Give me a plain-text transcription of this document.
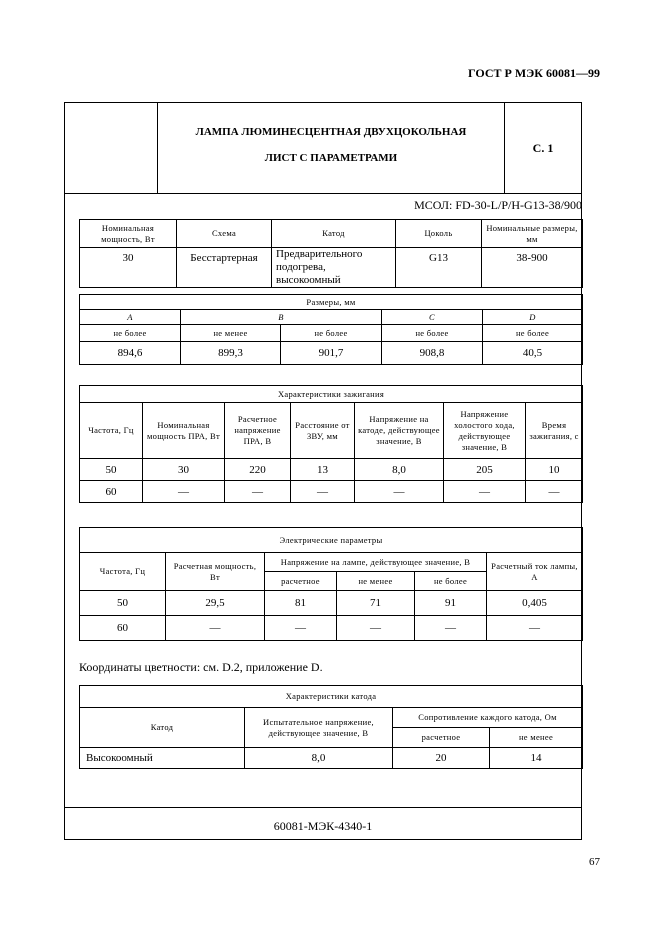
ГОСТ Р МЭК 60081—99
ЛАМПА ЛЮМИНЕСЦЕНТНАЯ ДВУХЦОКОЛЬНАЯ
ЛИСТ С ПАРАМЕТРАМИ
С. 1
МСОЛ: FD-30-L/P/H-G13-38/900
Номинальная мощность, Вт	Схема	Катод	Цоколь	Номинальные размеры, мм
30	Бесстартерная	Предварительного подогрева, высокоомный	G13	38-900
Размеры, мм				
A	B		C	D
не более	не менее	не более	не более	не более
894,6	899,3	901,7	908,8	40,5
Характеристики зажигания						
Частота, Гц	Номинальная мощность ПРА, Вт	Расчетное напряжение ПРА, В	Расстояние от ЗВУ, мм	Напряжение на катоде, действующее значение, В	Напряжение холостого хода, действующее значение, В	Время зажигания, с
50	30	220	13	8,0	205	10
60	—	—	—	—	—	—
Электрические параметры					
Частота, Гц	Расчетная мощность, Вт	Напряжение на лампе, действующее значение, В			Расчетный ток лампы, А
		расчетное	не менее	не более	
50	29,5	81	71	91	0,405
60	—	—	—	—	—
Координаты цветности: см. D.2, приложение D.
Характеристики катода			
Катод	Испытательное напряжение, действующее значение, В	Сопротивление каждого катода, Ом	
		расчетное	не менее
Высокоомный	8,0	20	14
60081-МЭК-4340-1
67
